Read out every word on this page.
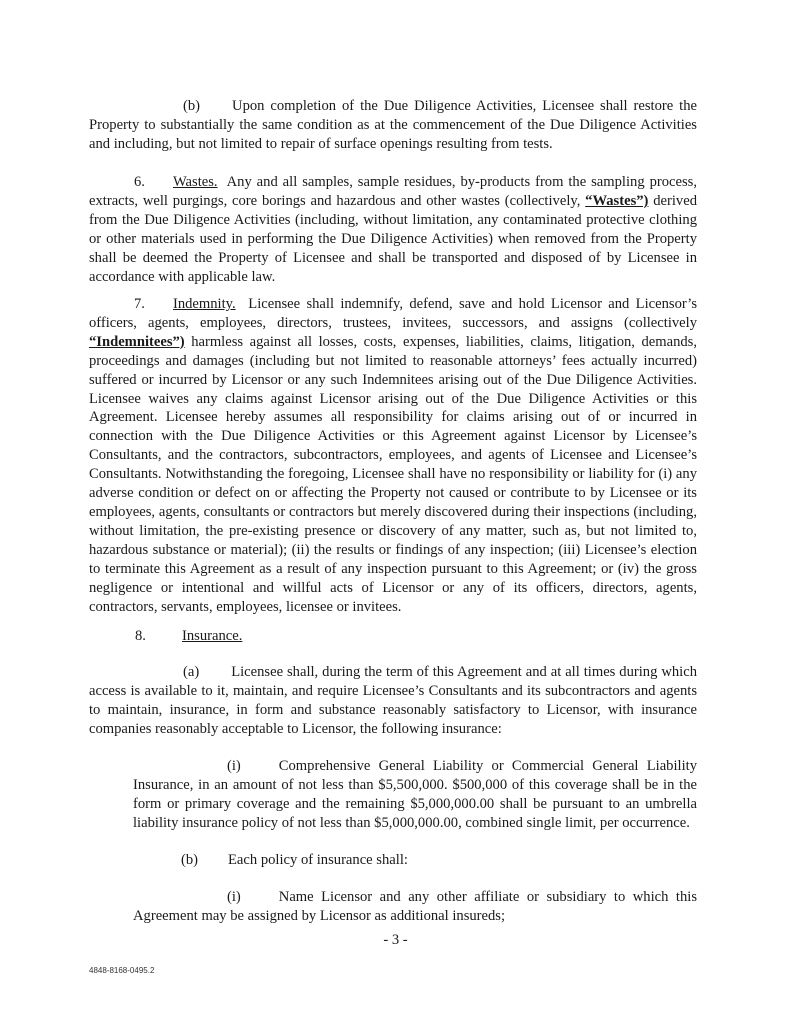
(b) Upon completion of the Due Diligence Activities, Licensee shall restore the Property to substantially the same condition as at the commencement of the Due Diligence Activities and including, but not limited to repair of surface openings resulting from tests.

6. Wastes. Any and all samples, sample residues, by-products from the sampling process, extracts, well purgings, core borings and hazardous and other wastes (collectively, “Wastes”) derived from the Due Diligence Activities (including, without limitation, any contaminated protective clothing or other materials used in performing the Due Diligence Activities) when removed from the Property shall be deemed the Property of Licensee and shall be transported and disposed of by Licensee in accordance with applicable law.

7. Indemnity. Licensee shall indemnify, defend, save and hold Licensor and Licensor’s officers, agents, employees, directors, trustees, invitees, successors, and assigns (collectively “Indemnitees”) harmless against all losses, costs, expenses, liabilities, claims, litigation, demands, proceedings and damages (including but not limited to reasonable attorneys’ fees actually incurred) suffered or incurred by Licensor or any such Indemnitees arising out of the Due Diligence Activities. Licensee waives any claims against Licensor arising out of the Due Diligence Activities or this Agreement. Licensee hereby assumes all responsibility for claims arising out of or incurred in connection with the Due Diligence Activities or this Agreement against Licensor by Licensee’s Consultants, and the contractors, subcontractors, employees, and agents of Licensee and Licensee’s Consultants. Notwithstanding the foregoing, Licensee shall have no responsibility or liability for (i) any adverse condition or defect on or affecting the Property not caused or contribute to by Licensee or its employees, agents, consultants or contractors but merely discovered during their inspections (including, without limitation, the pre-existing presence or discovery of any matter, such as, but not limited to, hazardous substance or material); (ii) the results or findings of any inspection; (iii) Licensee’s election to terminate this Agreement as a result of any inspection pursuant to this Agreement; or (iv) the gross negligence or intentional and willful acts of Licensor or any of its officers, directors, agents, contractors, servants, employees, licensee or invitees.

8. Insurance.

(a) Licensee shall, during the term of this Agreement and at all times during which access is available to it, maintain, and require Licensee’s Consultants and its subcontractors and agents to maintain, insurance, in form and substance reasonably satisfactory to Licensor, with insurance companies reasonably acceptable to Licensor, the following insurance:

(i)	Comprehensive General Liability or Commercial General Liability Insurance, in an amount of not less than $5,500,000. $500,000 of this coverage shall be in the form or primary coverage and the remaining $5,000,000.00 shall be pursuant to an umbrella liability insurance policy of not less than $5,000,000.00, combined single limit, per occurrence.

(b) Each policy of insurance shall:

(i)	Name Licensor and any other affiliate or subsidiary to which this Agreement may be assigned by Licensor as additional insureds;

- 3 -
4848-8168-0495.2
